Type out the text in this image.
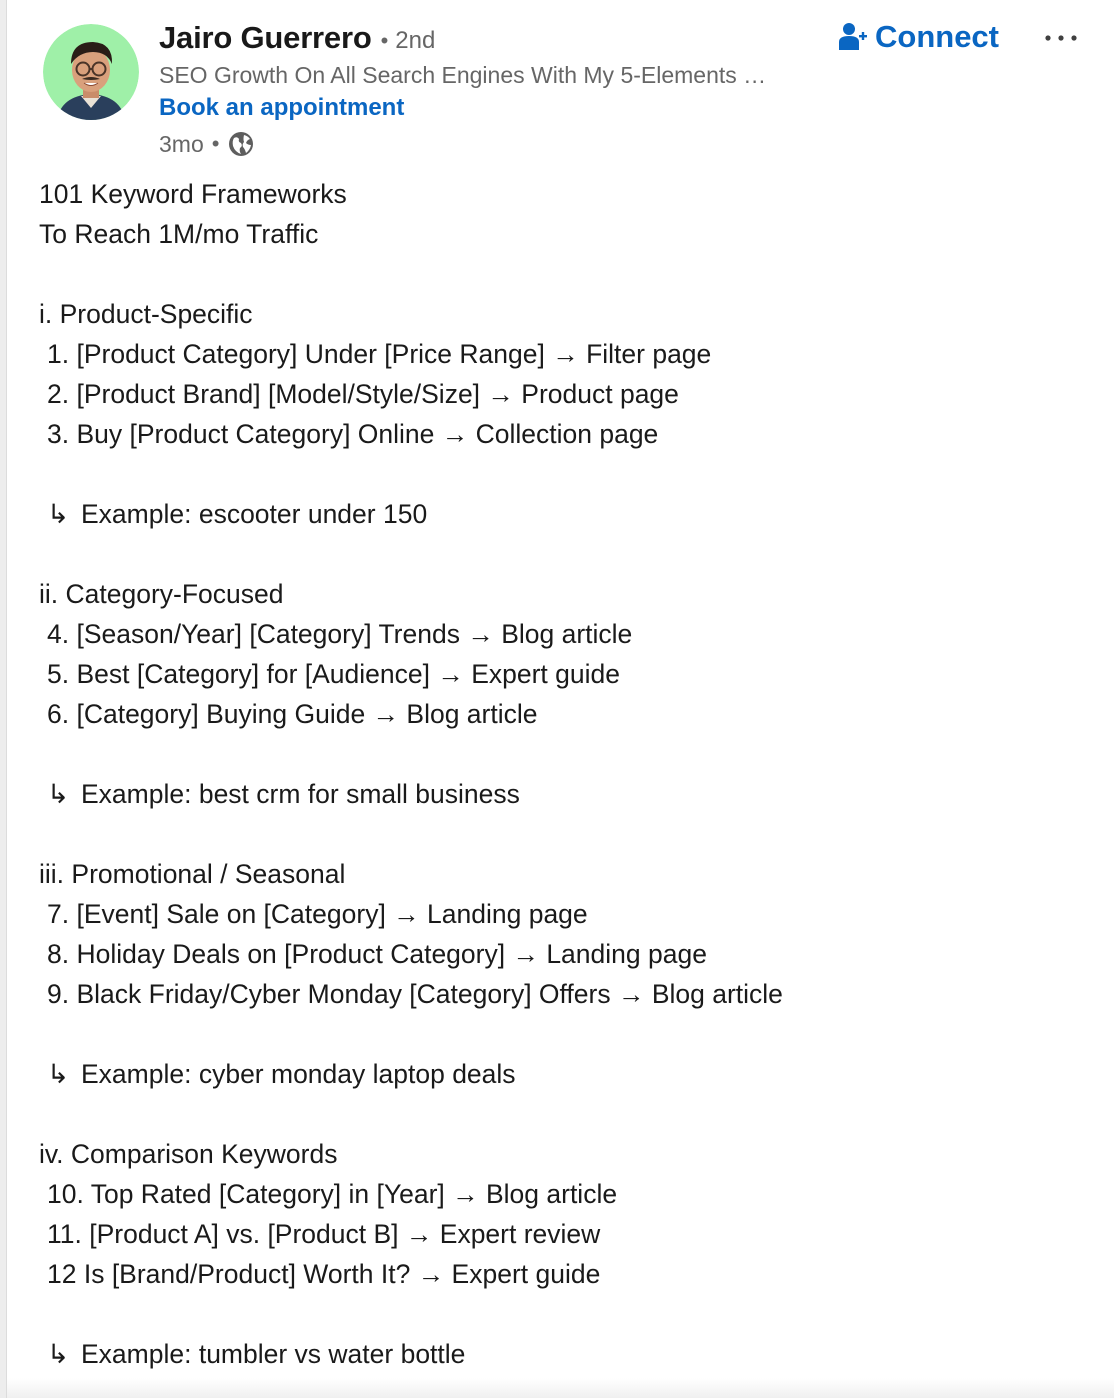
Jairo Guerrero • 2nd
SEO Growth On All Search Engines With My 5-Elements …
Book an appointment
3mo •
Connect
101 Keyword Frameworks
To Reach 1M/mo Traffic
i. Product-Specific
1. [Product Category] Under [Price Range] → Filter page
2. [Product Brand] [Model/Style/Size] → Product page
3. Buy [Product Category] Online → Collection page
↳ Example: escooter under 150
ii. Category-Focused
4. [Season/Year] [Category] Trends → Blog article
5. Best [Category] for [Audience] → Expert guide
6. [Category] Buying Guide → Blog article
↳ Example: best crm for small business
iii. Promotional / Seasonal
7. [Event] Sale on [Category] → Landing page
8. Holiday Deals on [Product Category] → Landing page
9. Black Friday/Cyber Monday [Category] Offers → Blog article
↳ Example: cyber monday laptop deals
iv. Comparison Keywords
10. Top Rated [Category] in [Year] → Blog article
11. [Product A] vs. [Product B] → Expert review
12 Is [Brand/Product] Worth It? → Expert guide
↳ Example: tumbler vs water bottle
